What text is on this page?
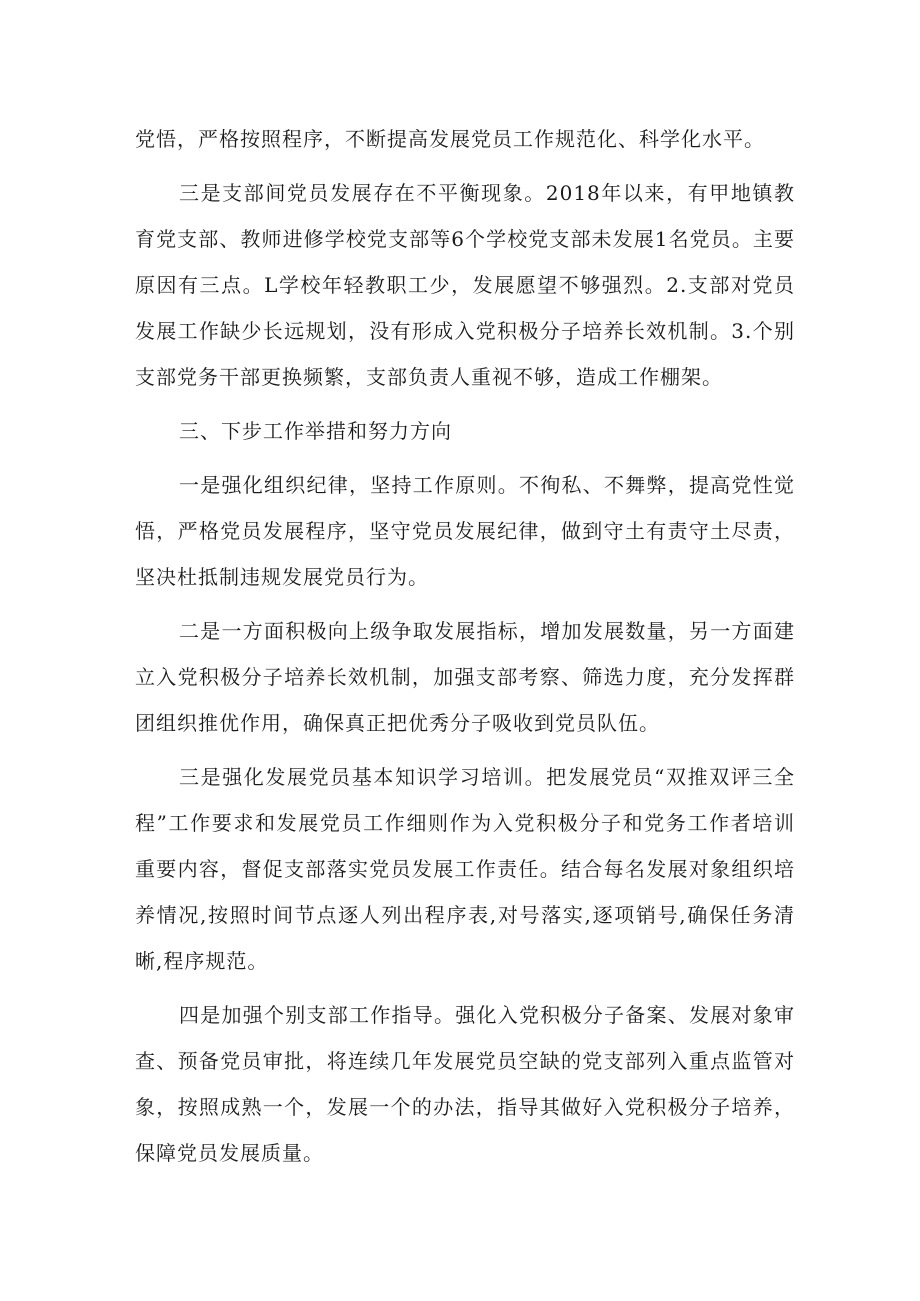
党悟，严格按照程序，不断提高发展党员工作规范化、科学化水平。

三是支部间党员发展存在不平衡现象。2018年以来，有甲地镇教育党支部、教师进修学校党支部等6个学校党支部未发展1名党员。主要原因有三点。L学校年轻教职工少，发展愿望不够强烈。2.支部对党员发展工作缺少长远规划，没有形成入党积极分子培养长效机制。3.个别支部党务干部更换频繁，支部负责人重视不够，造成工作棚架。

三、下步工作举措和努力方向

一是强化组织纪律，坚持工作原则。不徇私、不舞弊，提高党性觉悟，严格党员发展程序，坚守党员发展纪律，做到守土有责守土尽责，坚决杜抵制违规发展党员行为。

二是一方面积极向上级争取发展指标，增加发展数量，另一方面建立入党积极分子培养长效机制，加强支部考察、筛选力度，充分发挥群团组织推优作用，确保真正把优秀分子吸收到党员队伍。

三是强化发展党员基本知识学习培训。把发展党员“双推双评三全程”工作要求和发展党员工作细则作为入党积极分子和党务工作者培训重要内容，督促支部落实党员发展工作责任。结合每名发展对象组织培养情况,按照时间节点逐人列出程序表,对号落实,逐项销号,确保任务清晰,程序规范。

四是加强个别支部工作指导。强化入党积极分子备案、发展对象审查、预备党员审批，将连续几年发展党员空缺的党支部列入重点监管对象，按照成熟一个，发展一个的办法，指导其做好入党积极分子培养，保障党员发展质量。
